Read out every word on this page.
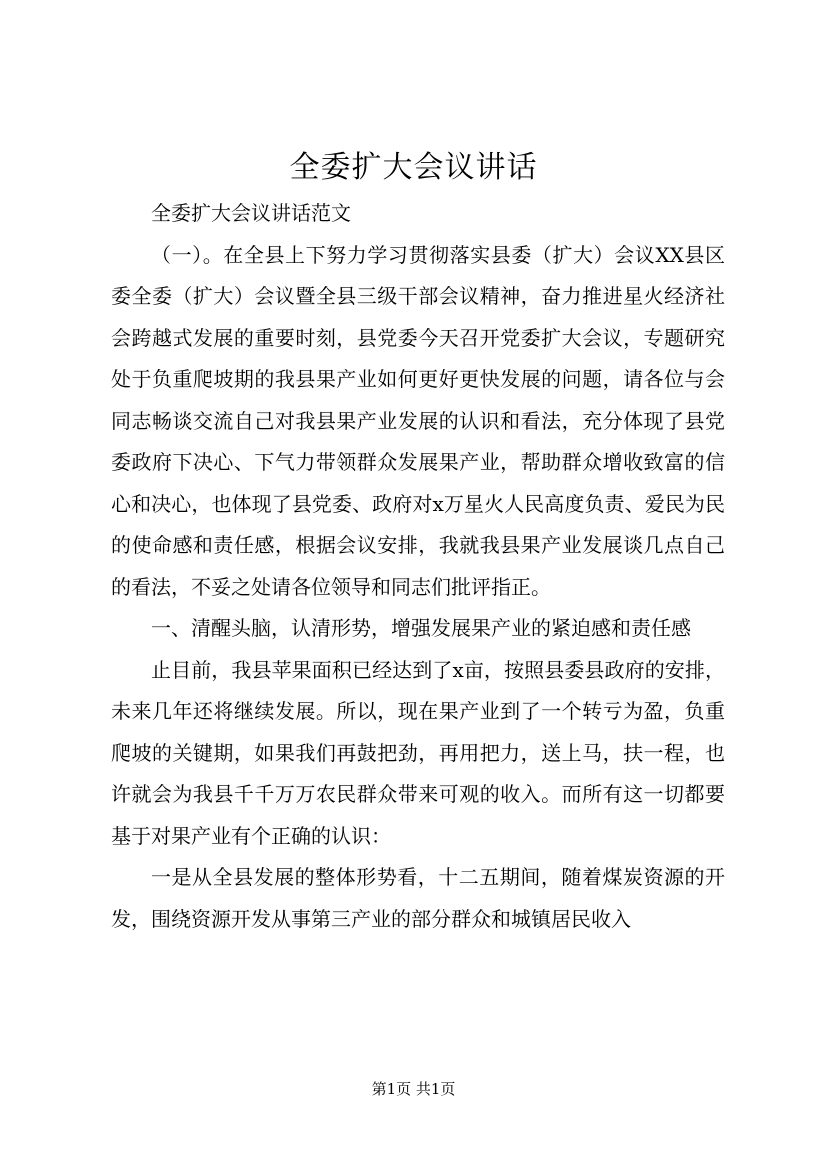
全委扩大会议讲话

全委扩大会议讲话范文

（一）。在全县上下努力学习贯彻落实县委（扩大）会议XX县区委全委（扩大）会议暨全县三级干部会议精神，奋力推进星火经济社会跨越式发展的重要时刻，县党委今天召开党委扩大会议，专题研究处于负重爬坡期的我县果产业如何更好更快发展的问题，请各位与会同志畅谈交流自己对我县果产业发展的认识和看法，充分体现了县党委政府下决心、下气力带领群众发展果产业，帮助群众增收致富的信心和决心，也体现了县党委、政府对x万星火人民高度负责、爱民为民的使命感和责任感，根据会议安排，我就我县果产业发展谈几点自己的看法，不妥之处请各位领导和同志们批评指正。

一、清醒头脑，认清形势，增强发展果产业的紧迫感和责任感

止目前，我县苹果面积已经达到了x亩，按照县委县政府的安排，未来几年还将继续发展。所以，现在果产业到了一个转亏为盈，负重爬坡的关键期，如果我们再鼓把劲，再用把力，送上马，扶一程，也许就会为我县千千万万农民群众带来可观的收入。而所有这一切都要基于对果产业有个正确的认识：

一是从全县发展的整体形势看，十二五期间，随着煤炭资源的开发，围绕资源开发从事第三产业的部分群众和城镇居民收入

第1页 共1页
